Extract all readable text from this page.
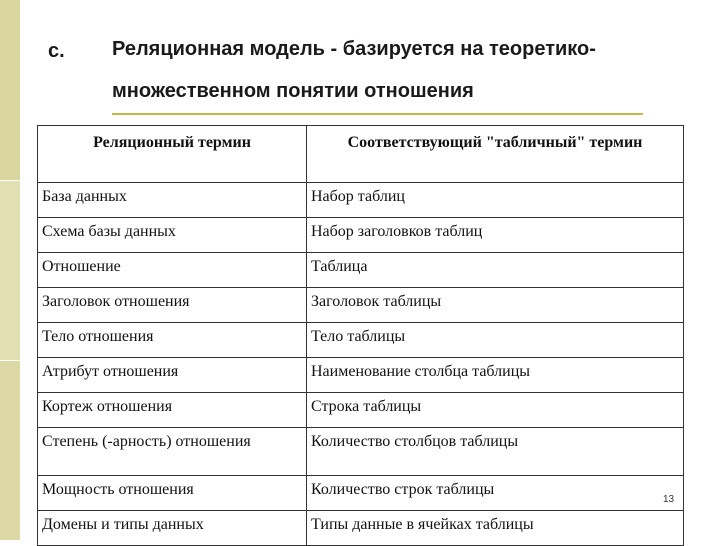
c. Реляционная модель - базируется на теоретико-
множественном понятии отношения
Реляционный термин	Соответствующий "табличный" термин
База данных	Набор таблиц
Схема базы данных	Набор заголовков таблиц
Отношение	Таблица
Заголовок отношения	Заголовок таблицы
Тело отношения	Тело таблицы
Атрибут отношения	Наименование столбца таблицы
Кортеж отношения	Строка таблицы
Степень (-арность) отношения	Количество столбцов таблицы
Мощность отношения	Количество строк таблицы
Домены и типы данных	Типы данные в ячейках таблицы
13
